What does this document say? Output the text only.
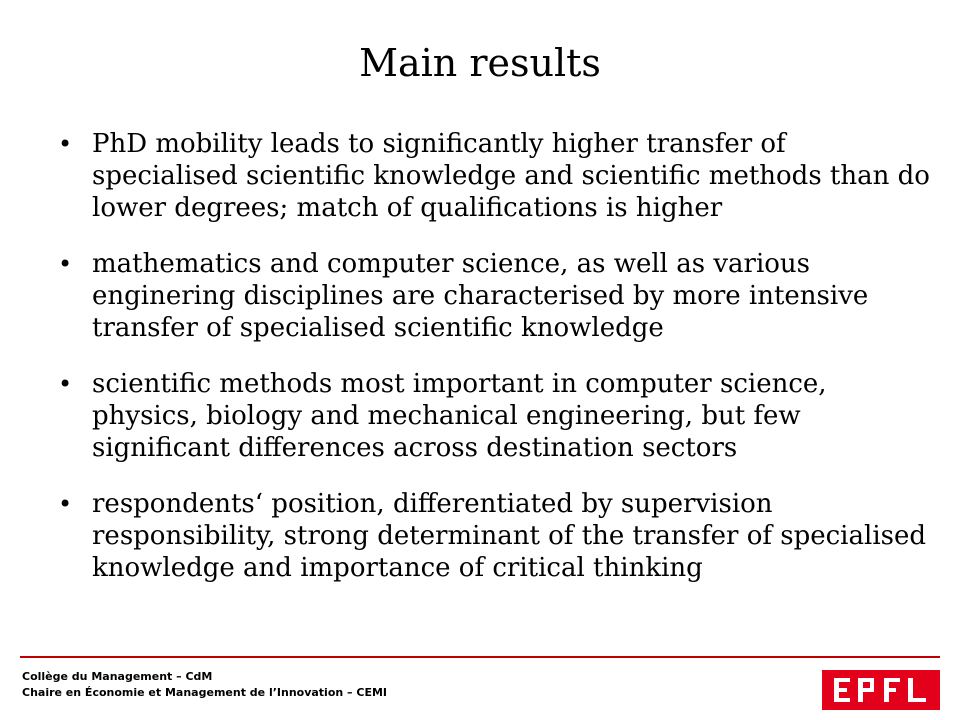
Main results
• PhD mobility leads to significantly higher transfer of specialised scientific knowledge and scientific methods than do lower degrees; match of qualifications is higher
• mathematics and computer science, as well as various enginering disciplines are characterised by more intensive transfer of specialised scientific knowledge
• scientific methods most important in computer science, physics, biology and mechanical engineering, but few significant differences across destination sectors
• respondents‘ position, differentiated by supervision responsibility, strong determinant of the transfer of specialised knowledge and importance of critical thinking
Collège du Management – CdM
Chaire en Économie et Management de l’Innovation – CEMI
